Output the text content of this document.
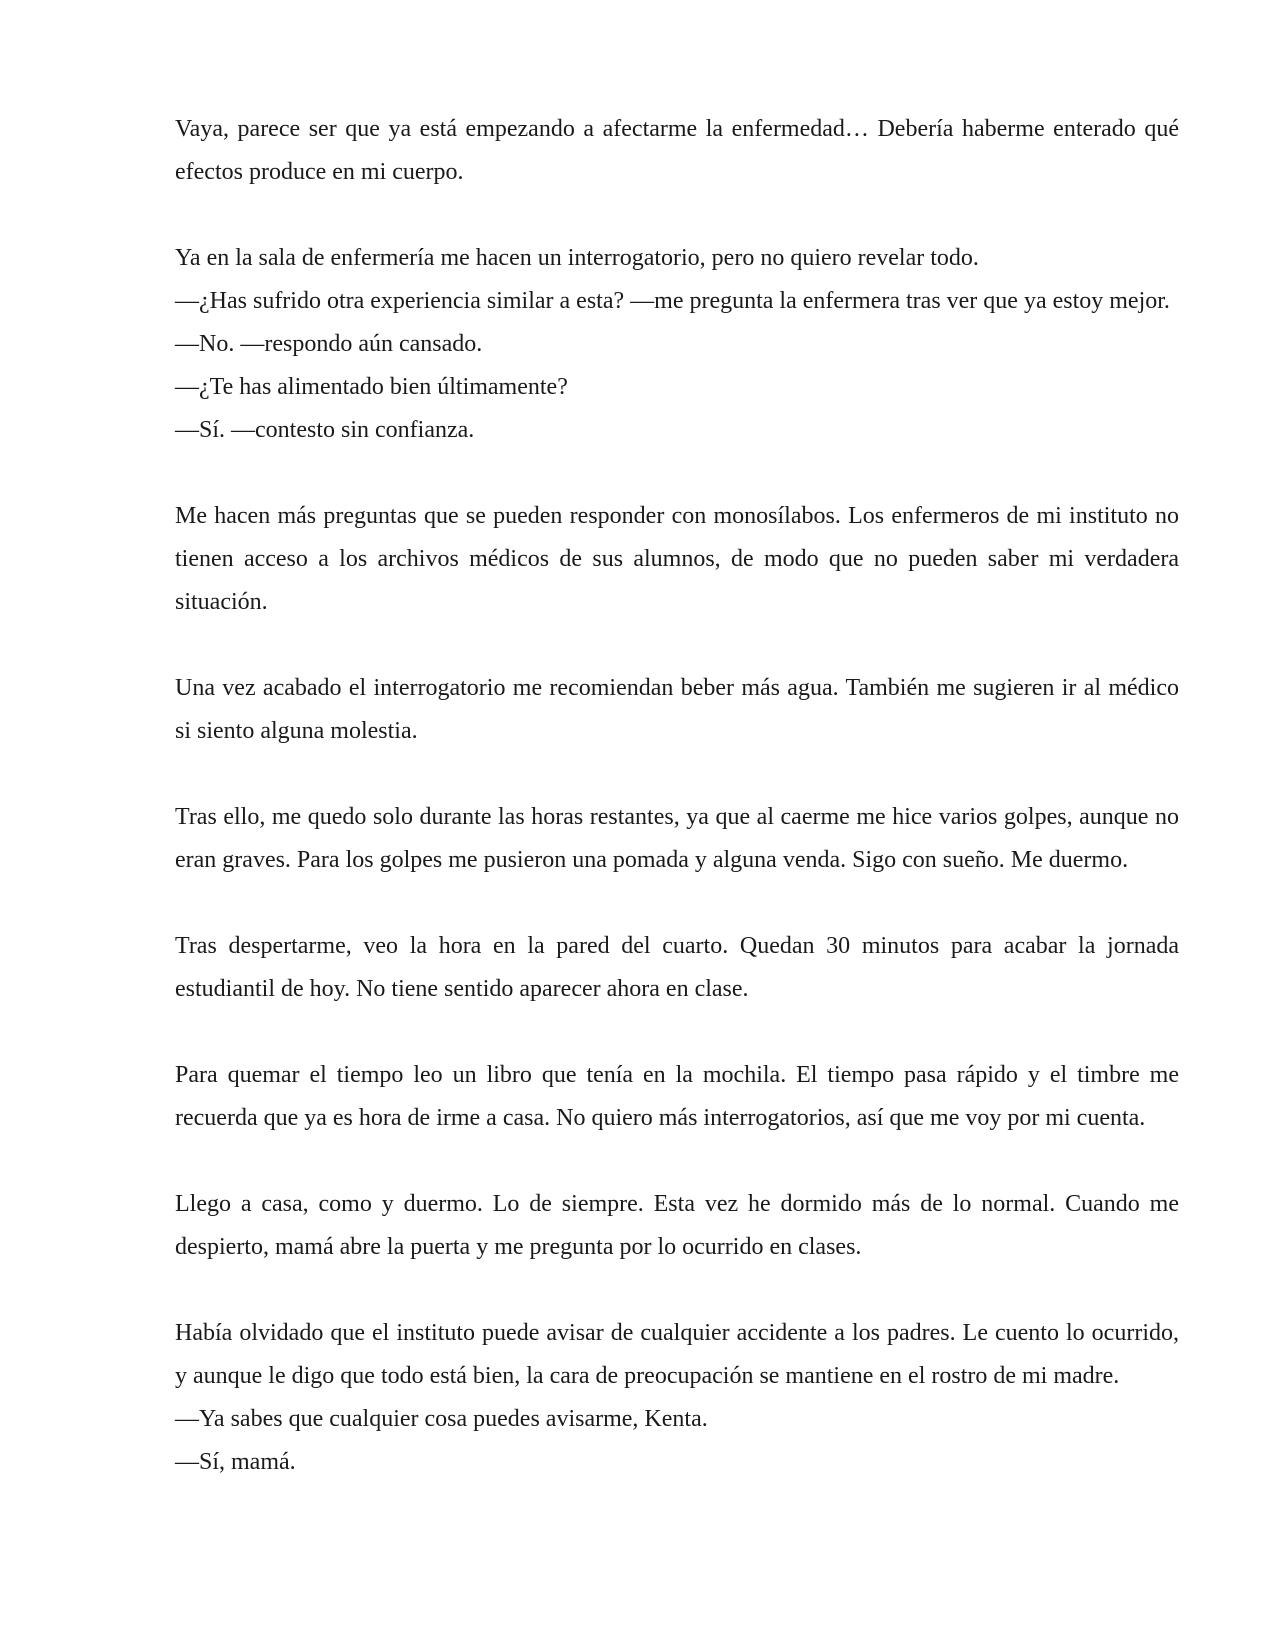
Vaya, parece ser que ya está empezando a afectarme la enfermedad… Debería haberme enterado qué efectos produce en mi cuerpo.

Ya en la sala de enfermería me hacen un interrogatorio, pero no quiero revelar todo.

—¿Has sufrido otra experiencia similar a esta? —me pregunta la enfermera tras ver que ya estoy mejor.

—No. —respondo aún cansado.

—¿Te has alimentado bien últimamente?

—Sí. —contesto sin confianza.

Me hacen más preguntas que se pueden responder con monosílabos. Los enfermeros de mi instituto no tienen acceso a los archivos médicos de sus alumnos, de modo que no pueden saber mi verdadera situación.

Una vez acabado el interrogatorio me recomiendan beber más agua. También me sugieren ir al médico si siento alguna molestia.

Tras ello, me quedo solo durante las horas restantes, ya que al caerme me hice varios golpes, aunque no eran graves. Para los golpes me pusieron una pomada y alguna venda. Sigo con sueño. Me duermo.

Tras despertarme, veo la hora en la pared del cuarto. Quedan 30 minutos para acabar la jornada estudiantil de hoy. No tiene sentido aparecer ahora en clase.

Para quemar el tiempo leo un libro que tenía en la mochila. El tiempo pasa rápido y el timbre me recuerda que ya es hora de irme a casa. No quiero más interrogatorios, así que me voy por mi cuenta.

Llego a casa, como y duermo. Lo de siempre. Esta vez he dormido más de lo normal. Cuando me despierto, mamá abre la puerta y me pregunta por lo ocurrido en clases.

Había olvidado que el instituto puede avisar de cualquier accidente a los padres. Le cuento lo ocurrido, y aunque le digo que todo está bien, la cara de preocupación se mantiene en el rostro de mi madre.

—Ya sabes que cualquier cosa puedes avisarme, Kenta.

—Sí, mamá.
